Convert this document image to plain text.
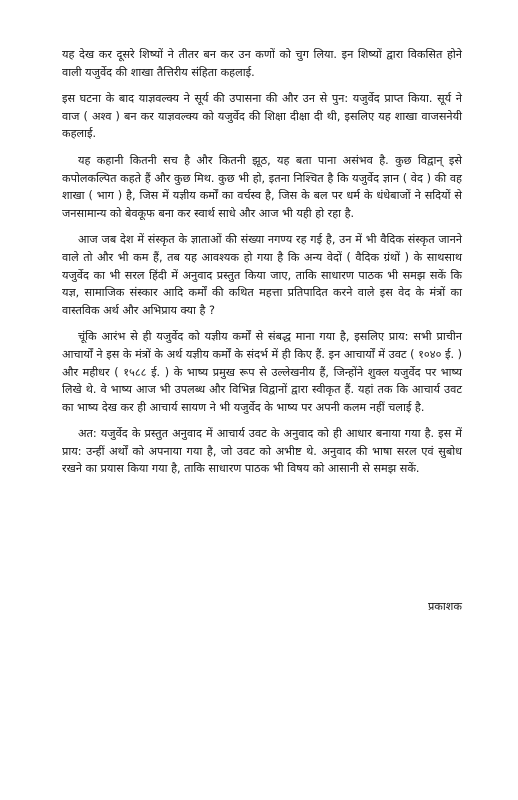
यह देख कर दूसरे शिष्यों ने तीतर बन कर उन कणों को चुग लिया. इन शिष्यों द्वारा विकसित होने वाली यजुर्वेद की शाखा तैत्तिरीय संहिता कहलाई.

इस घटना के बाद याज्ञवल्क्य ने सूर्य की उपासना की और उन से पुन: यजुर्वेद प्राप्त किया. सूर्य ने वाज ( अश्व ) बन कर याज्ञवल्क्य को यजुर्वेद की शिक्षा दीक्षा दी थी, इसलिए यह शाखा वाजसनेयी कहलाई.

यह कहानी कितनी सच है और कितनी झूठ, यह बता पाना असंभव है. कुछ विद्वान् इसे कपोलकल्पित कहते हैं और कुछ मिथ. कुछ भी हो, इतना निश्चित है कि यजुर्वेद ज्ञान ( वेद ) की वह शाखा ( भाग ) है, जिस में यज्ञीय कर्मों का वर्चस्व है, जिस के बल पर धर्म के धंधेबाजों ने सदियों से जनसामान्य को बेवकूफ बना कर स्वार्थ साधे और आज भी यही हो रहा है.

आज जब देश में संस्कृत के ज्ञाताओं की संख्या नगण्य रह गई है, उन में भी वैदिक संस्कृत जानने वाले तो और भी कम हैं, तब यह आवश्यक हो गया है कि अन्य वेदों ( वैदिक ग्रंथों ) के साथसाथ यजुर्वेद का भी सरल हिंदी में अनुवाद प्रस्तुत किया जाए, ताकि साधारण पाठक भी समझ सकें कि यज्ञ, सामाजिक संस्कार आदि कर्मों की कथित महत्ता प्रतिपादित करने वाले इस वेद के मंत्रों का वास्तविक अर्थ और अभिप्राय क्या है ?

चूंकि आरंभ से ही यजुर्वेद को यज्ञीय कर्मों से संबद्ध माना गया है, इसलिए प्राय: सभी प्राचीन आचार्यों ने इस के मंत्रों के अर्थ यज्ञीय कर्मों के संदर्भ में ही किए हैं. इन आचार्यों में उवट ( १०४० ई. ) और महीधर ( १५८८ ई. ) के भाष्य प्रमुख रूप से उल्लेखनीय हैं, जिन्होंने शुक्ल यजुर्वेद पर भाष्य लिखे थे. वे भाष्य आज भी उपलब्ध और विभिन्न विद्वानों द्वारा स्वीकृत हैं. यहां तक कि आचार्य उवट का भाष्य देख कर ही आचार्य सायण ने भी यजुर्वेद के भाष्य पर अपनी कलम नहीं चलाई है.

अत: यजुर्वेद के प्रस्तुत अनुवाद में आचार्य उवट के अनुवाद को ही आधार बनाया गया है. इस में प्राय: उन्हीं अर्थों को अपनाया गया है, जो उवट को अभीष्ट थे. अनुवाद की भाषा सरल एवं सुबोध रखने का प्रयास किया गया है, ताकि साधारण पाठक भी विषय को आसानी से समझ सकें.

प्रकाशक
